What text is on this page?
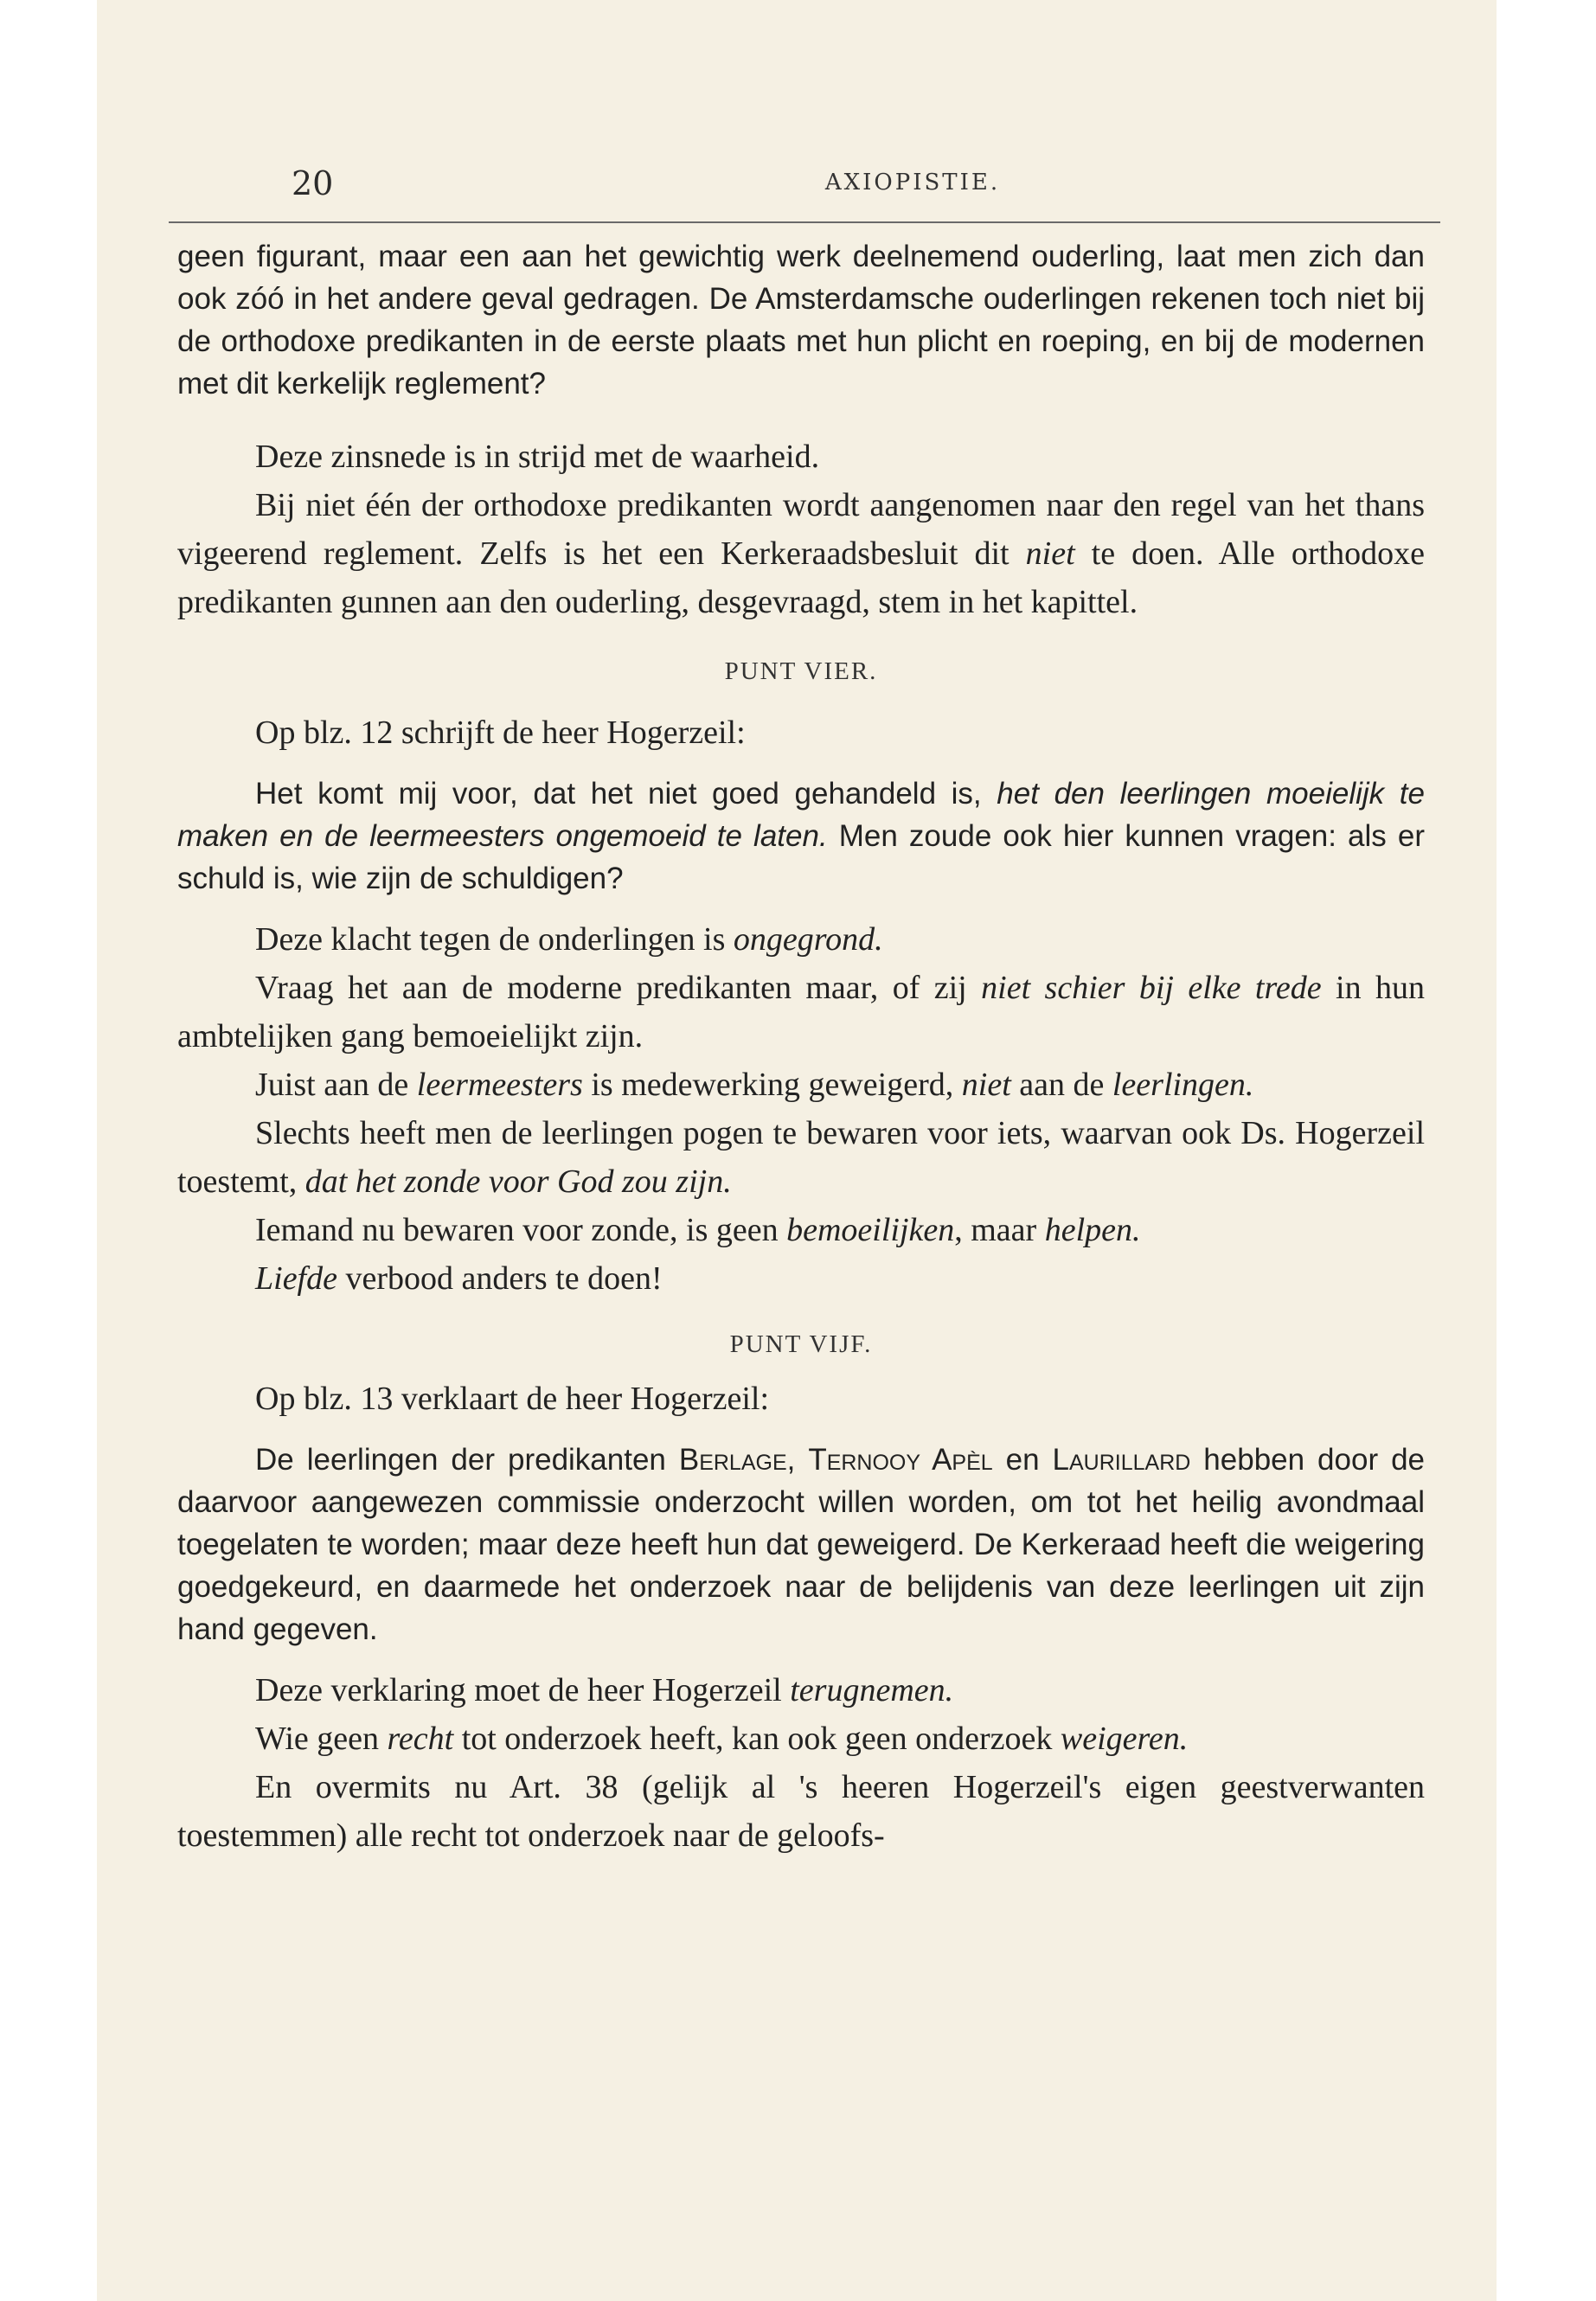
20	AXIOPISTIE.

geen figurant, maar een aan het gewichtig werk deelnemend ouderling, laat men zich dan ook zóó in het andere geval gedragen. De Amsterdamsche ouderlingen rekenen toch niet bij de orthodoxe predikanten in de eerste plaats met hun plicht en roeping, en bij de modernen met dit kerkelijk reglement?

Deze zinsnede is in strijd met de waarheid.

Bij niet één der orthodoxe predikanten wordt aangenomen naar den regel van het thans vigeerend reglement. Zelfs is het een Kerkeraadsbesluit dit niet te doen. Alle orthodoxe predikanten gunnen aan den ouderling, desgevraagd, stem in het kapittel.

PUNT VIER.

Op blz. 12 schrijft de heer Hogerzeil:

Het komt mij voor, dat het niet goed gehandeld is, het den leerlingen moeielijk te maken en de leermeesters ongemoeid te laten. Men zoude ook hier kunnen vragen: als er schuld is, wie zijn de schuldigen?

Deze klacht tegen de onderlingen is ongegrond.

Vraag het aan de moderne predikanten maar, of zij niet schier bij elke trede in hun ambtelijken gang bemoeielijkt zijn.

Juist aan de leermeesters is medewerking geweigerd, niet aan de leerlingen.

Slechts heeft men de leerlingen pogen te bewaren voor iets, waarvan ook Ds. Hogerzeil toestemt, dat het zonde voor God zou zijn.

Iemand nu bewaren voor zonde, is geen bemoeilijken, maar helpen.

Liefde verbood anders te doen!

PUNT VIJF.

Op blz. 13 verklaart de heer Hogerzeil:

De leerlingen der predikanten Berlage, Ternooy Apèl en Laurillard hebben door de daarvoor aangewezen commissie onderzocht willen worden, om tot het heilig avondmaal toegelaten te worden; maar deze heeft hun dat geweigerd. De Kerkeraad heeft die weigering goedgekeurd, en daarmede het onderzoek naar de belijdenis van deze leerlingen uit zijn hand gegeven.

Deze verklaring moet de heer Hogerzeil terugnemen.

Wie geen recht tot onderzoek heeft, kan ook geen onderzoek weigeren.

En overmits nu Art. 38 (gelijk al 's heeren Hogerzeil's eigen geestverwanten toestemmen) alle recht tot onderzoek naar de geloofs-
